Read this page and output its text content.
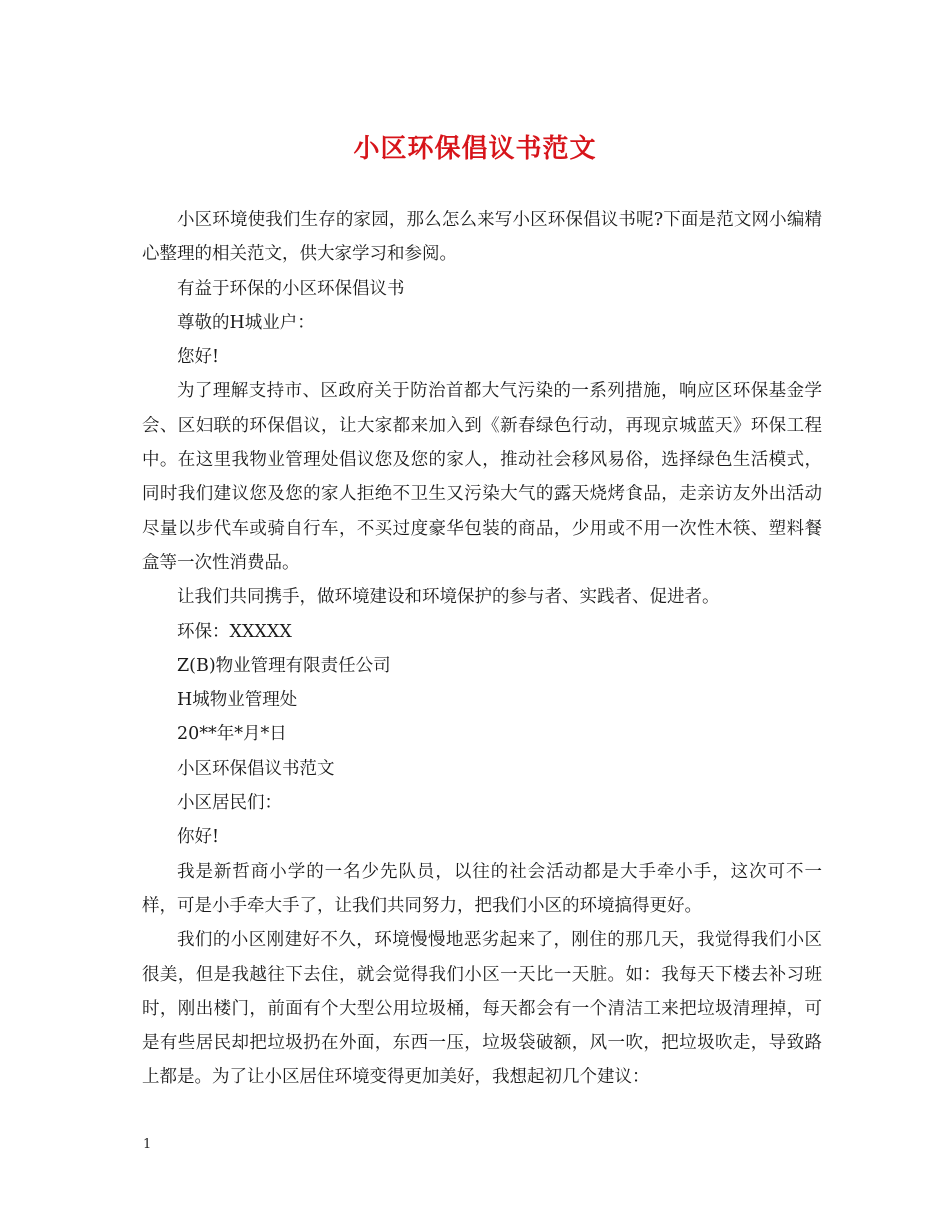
小区环保倡议书范文

小区环境使我们生存的家园，那么怎么来写小区环保倡议书呢?下面是范文网小编精心整理的相关范文，供大家学习和参阅。

有益于环保的小区环保倡议书

尊敬的H城业户：

您好!

为了理解支持市、区政府关于防治首都大气污染的一系列措施，响应区环保基金学会、区妇联的环保倡议，让大家都来加入到《新春绿色行动，再现京城蓝天》环保工程中。在这里我物业管理处倡议您及您的家人，推动社会移风易俗，选择绿色生活模式，同时我们建议您及您的家人拒绝不卫生又污染大气的露天烧烤食品，走亲访友外出活动尽量以步代车或骑自行车，不买过度豪华包装的商品，少用或不用一次性木筷、塑料餐盒等一次性消费品。

让我们共同携手，做环境建设和环境保护的参与者、实践者、促进者。

环保：XXXXX

Z(B)物业管理有限责任公司

H城物业管理处

20**年*月*日

小区环保倡议书范文

小区居民们：

你好!

我是新哲商小学的一名少先队员，以往的社会活动都是大手牵小手，这次可不一样，可是小手牵大手了，让我们共同努力，把我们小区的环境搞得更好。

我们的小区刚建好不久，环境慢慢地恶劣起来了，刚住的那几天，我觉得我们小区很美，但是我越往下去住，就会觉得我们小区一天比一天脏。如：我每天下楼去补习班时，刚出楼门，前面有个大型公用垃圾桶，每天都会有一个清洁工来把垃圾清理掉，可是有些居民却把垃圾扔在外面，东西一压，垃圾袋破额，风一吹，把垃圾吹走，导致路上都是。为了让小区居住环境变得更加美好，我想起初几个建议：

1
